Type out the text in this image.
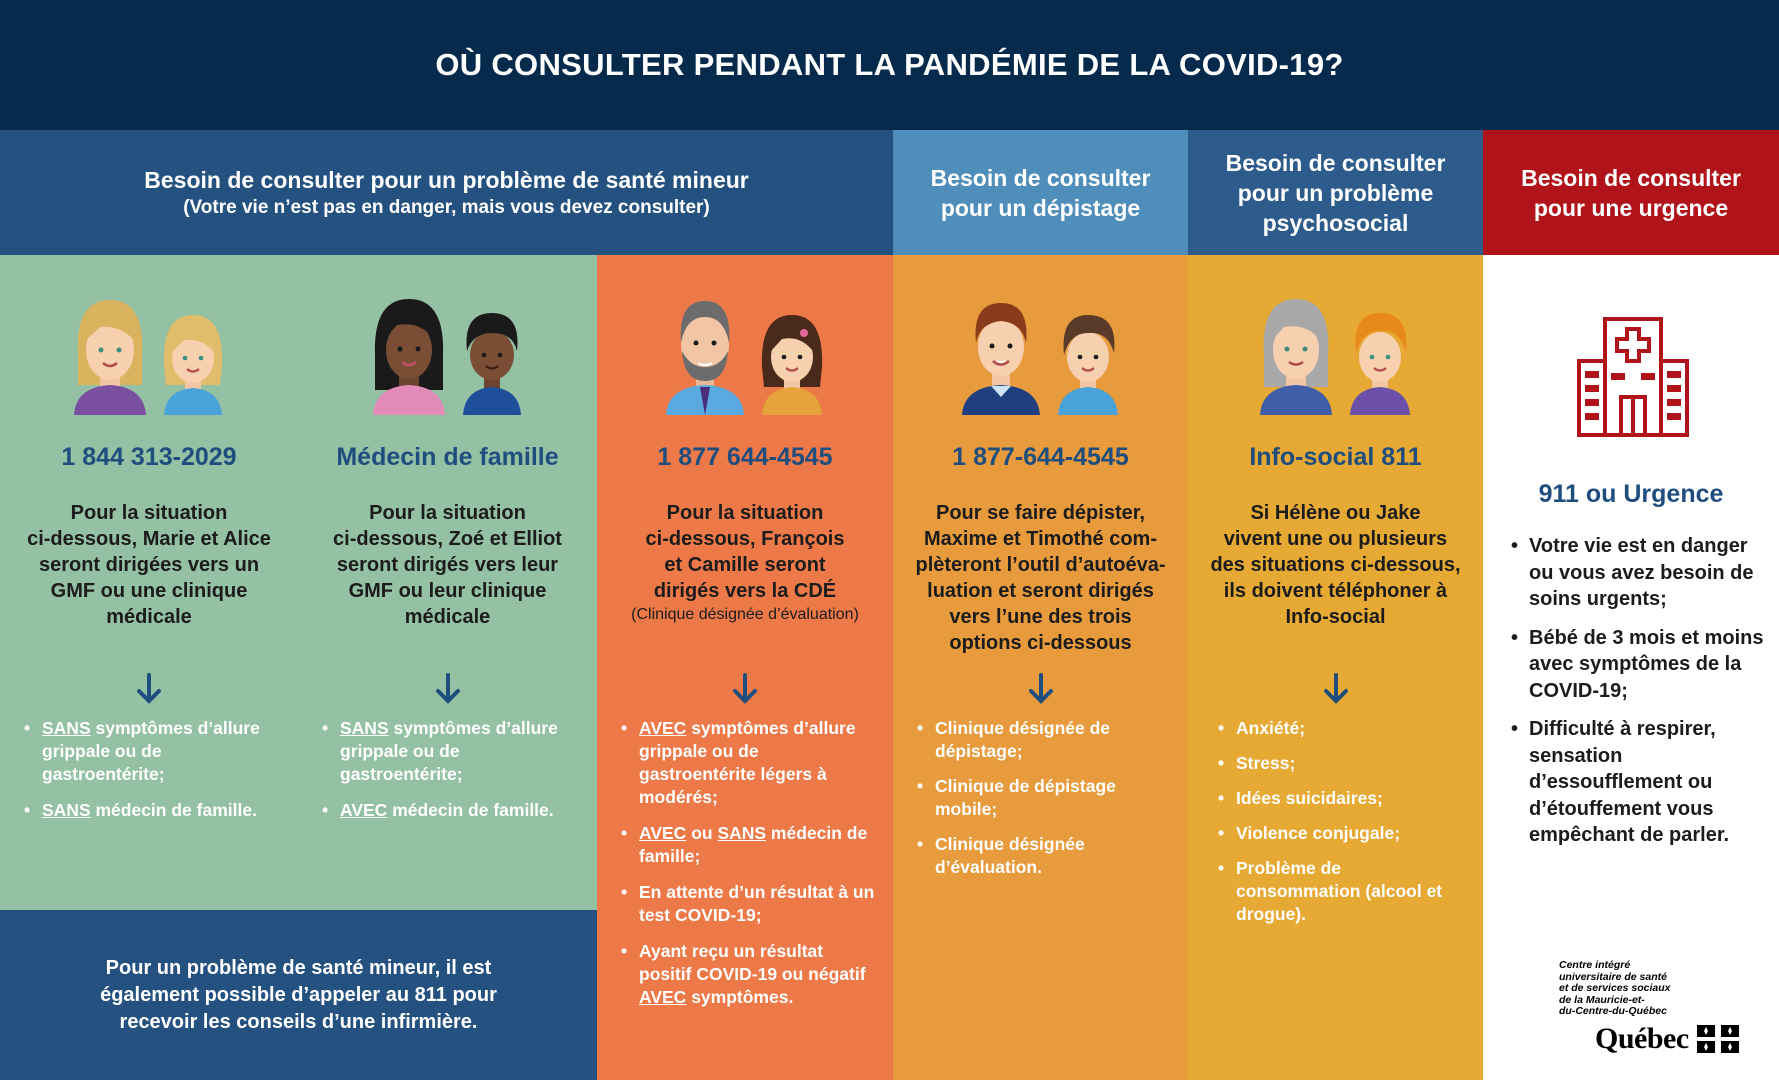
OÙ CONSULTER PENDANT LA PANDÉMIE DE LA COVID-19?
Besoin de consulter pour un problème de santé mineur
(Votre vie n’est pas en danger, mais vous devez consulter)
Besoin de consulter
pour un dépistage
Besoin de consulter
pour un problème
psychosocial
Besoin de consulter
pour une urgence
1 844 313-2029
Pour la situation
ci-dessous, Marie et Alice
seront dirigées vers un
GMF ou une clinique
médicale
• SANS symptômes d’allure grippale ou de gastroentérite;
• SANS médecin de famille.
Médecin de famille
Pour la situation
ci-dessous, Zoé et Elliot
seront dirigés vers leur
GMF ou leur clinique
médicale
• SANS symptômes d’allure grippale ou de gastroentérite;
• AVEC médecin de famille.
1 877 644-4545
Pour la situation
ci-dessous, François
et Camille seront
dirigés vers la CDÉ
(Clinique désignée d’évaluation)
• AVEC symptômes d’allure grippale ou de gastroentérite légers à modérés;
• AVEC ou SANS médecin de famille;
• En attente d’un résultat à un test COVID-19;
• Ayant reçu un résultat positif COVID-19 ou négatif AVEC symptômes.
1 877-644-4545
Pour se faire dépister,
Maxime et Timothé com-
plèteront l’outil d’autoéva-
luation et seront dirigés
vers l’une des trois
options ci-dessous
• Clinique désignée de dépistage;
• Clinique de dépistage mobile;
• Clinique désignée d’évaluation.
Info-social 811
Si Hélène ou Jake
vivent une ou plusieurs
des situations ci-dessous,
ils doivent téléphoner à
Info-social
• Anxiété;
• Stress;
• Idées suicidaires;
• Violence conjugale;
• Problème de consommation (alcool et drogue).
911 ou Urgence
• Votre vie est en danger ou vous avez besoin de soins urgents;
• Bébé de 3 mois et moins avec symptômes de la COVID-19;
• Difficulté à respirer, sensation d’essoufflement ou d’étouffement vous empêchant de parler.
Centre intégré
universitaire de santé
et de services sociaux
de la Mauricie-et-
du-Centre-du-Québec
Québec
Pour un problème de santé mineur, il est également possible d’appeler au 811 pour recevoir les conseils d’une infirmière.
